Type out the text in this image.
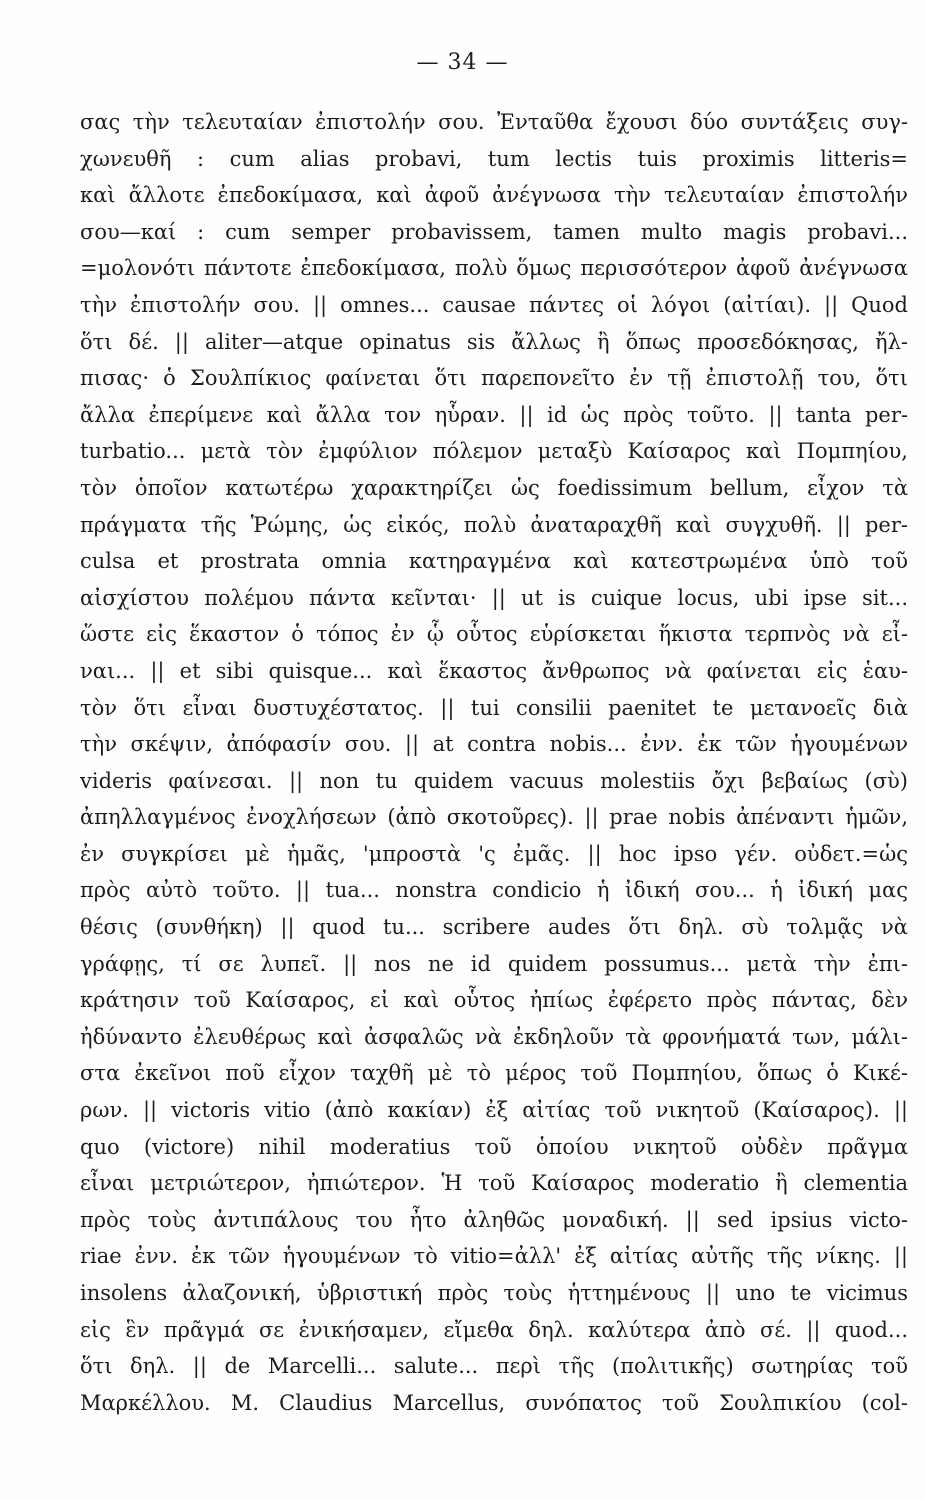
— 34 —
σας τὴν τελευταίαν ἐπιστολήν σου. Ἐνταῦθα ἔχουσι δύο συντάξεις συγ-
χωνευθῆ : cum alias probavi, tum lectis tuis proximis litteris=
καὶ ἄλλοτε ἐπεδοκίμασα, καὶ ἀφοῦ ἀνέγνωσα τὴν τελευταίαν ἐπιστολήν
σου—καί : cum semper probavissem, tamen multo magis probavi...
=μολονότι πάντοτε ἐπεδοκίμασα, πολὺ ὅμως περισσότερον ἀφοῦ ἀνέγνωσα
τὴν ἐπιστολήν σου. || omnes... causae πάντες οἱ λόγοι (αἰτίαι). || Quod
ὅτι δέ. || aliter—atque opinatus sis ἄλλως ἢ ὅπως προσεδόκησας, ἤλ-
πισας· ὁ Σουλπίκιος φαίνεται ὅτι παρεπονεῖτο ἐν τῇ ἐπιστολῇ του, ὅτι
ἄλλα ἐπερίμενε καὶ ἄλλα τον ηὗραν. || id ὡς πρὸς τοῦτο. || tanta per-
turbatio... μετὰ τὸν ἐμφύλιον πόλεμον μεταξὺ Καίσαρος καὶ Πομπηίου,
τὸν ὁποῖον κατωτέρω χαρακτηρίζει ὡς foedissimum bellum, εἶχον τὰ
πράγματα τῆς Ῥώμης, ὡς εἰκός, πολὺ ἀναταραχθῆ καὶ συγχυθῆ. || per-
culsa et prostrata omnia κατηραγμένα καὶ κατεστρωμένα ὑπὸ τοῦ
αἰσχίστου πολέμου πάντα κεῖνται· || ut is cuique locus, ubi ipse sit...
ὥστε εἰς ἕκαστον ὁ τόπος ἐν ᾧ οὗτος εὑρίσκεται ἥκιστα τερπνὸς νὰ εἶ-
ναι... || et sibi quisque... καὶ ἕκαστος ἄνθρωπος νὰ φαίνεται εἰς ἑαυ-
τὸν ὅτι εἶναι δυστυχέστατος. || tui consilii paenitet te μετανοεῖς διὰ
τὴν σκέψιν, ἀπόφασίν σου. || at contra nobis... ἐνν. ἐκ τῶν ἡγουμένων
videris φαίνεσαι. || non tu quidem vacuus molestiis ὄχι βεβαίως (σὺ)
ἀπηλλαγμένος ἐνοχλήσεων (ἀπὸ σκοτοῦρες). || prae nobis ἀπέναντι ἡμῶν,
ἐν συγκρίσει μὲ ἡμᾶς, 'μπροστὰ 'ς ἐμᾶς. || hoc ipso γέν. οὐδετ.=ὡς
πρὸς αὐτὸ τοῦτο. || tua... nonstra condicio ἡ ἰδική σου... ἡ ἰδική μας
θέσις (συνθήκη) || quod tu... scribere audes ὅτι δηλ. σὺ τολμᾷς νὰ
γράφῃς, τί σε λυπεῖ. || nos ne id quidem possumus... μετὰ τὴν ἐπι-
κράτησιν τοῦ Καίσαρος, εἰ καὶ οὗτος ἠπίως ἐφέρετο πρὸς πάντας, δὲν
ἠδύναντο ἐλευθέρως καὶ ἀσφαλῶς νὰ ἐκδηλοῦν τὰ φρονήματά των, μάλι-
στα ἐκεῖνοι ποῦ εἶχον ταχθῆ μὲ τὸ μέρος τοῦ Πομπηίου, ὅπως ὁ Κικέ-
ρων. || victoris vitio (ἀπὸ κακίαν) ἐξ αἰτίας τοῦ νικητοῦ (Καίσαρος). ||
quo (victore) nihil moderatius τοῦ ὁποίου νικητοῦ οὐδὲν πρᾶγμα
εἶναι μετριώτερον, ἠπιώτερον. Ἡ τοῦ Καίσαρος moderatio ἢ clementia
πρὸς τοὺς ἀντιπάλους του ἦτο ἀληθῶς μοναδική. || sed ipsius victo-
riae ἐνν. ἐκ τῶν ἡγουμένων τὸ vitio=ἀλλ' ἐξ αἰτίας αὐτῆς τῆς νίκης. ||
insolens ἀλαζονική, ὑβριστική πρὸς τοὺς ἡττημένους || uno te vicimus
εἰς ἓν πρᾶγμά σε ἐνικήσαμεν, εἴμεθα δηλ. καλύτερα ἀπὸ σέ. || quod...
ὅτι δηλ. || de Marcelli... salute... περὶ τῆς (πολιτικῆς) σωτηρίας τοῦ
Μαρκέλλου. M. Claudius Marcellus, συνόπατος τοῦ Σουλπικίου (col-
